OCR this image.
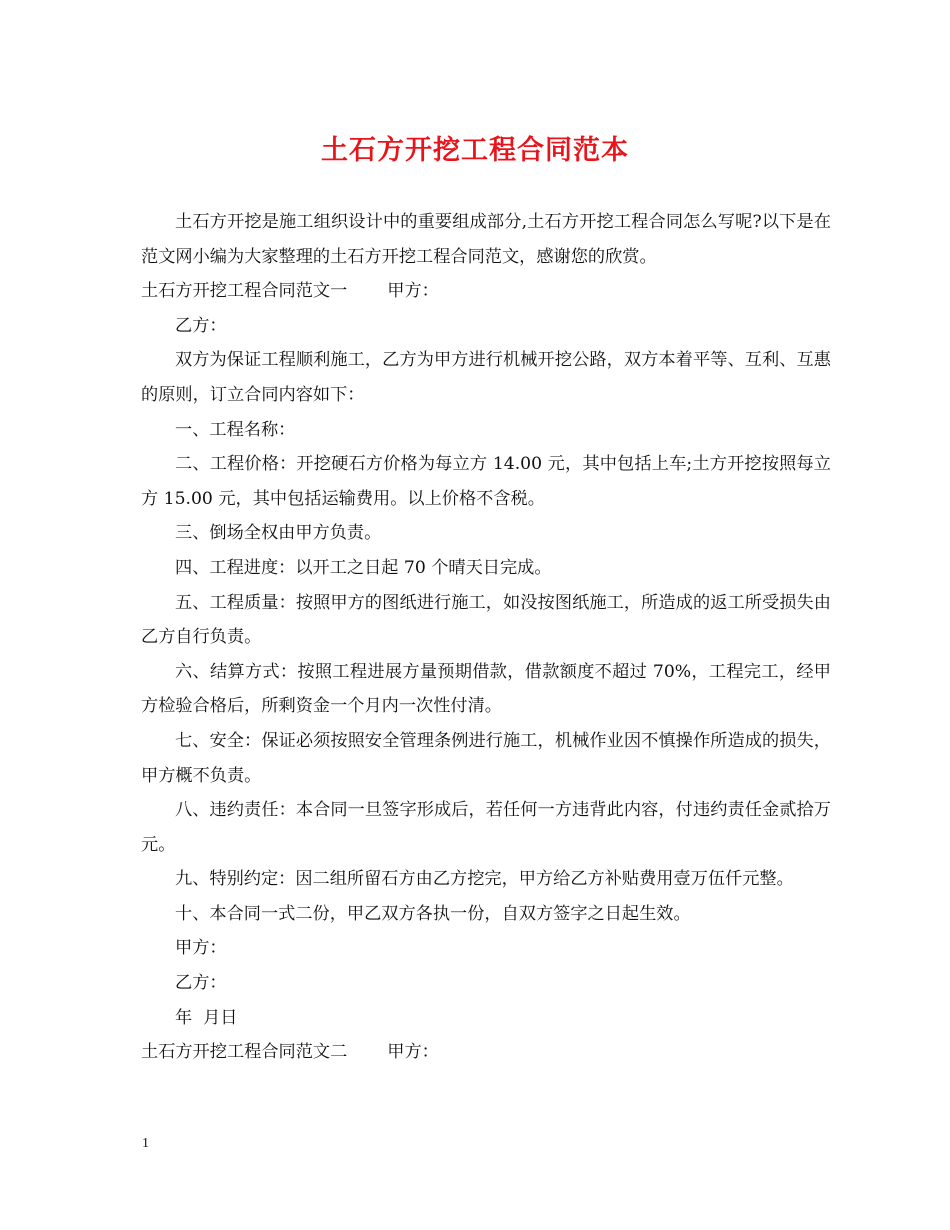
土石方开挖工程合同范本

土石方开挖是施工组织设计中的重要组成部分,土石方开挖工程合同怎么写呢?以下是在范文网小编为大家整理的土石方开挖工程合同范文，感谢您的欣赏。

土石方开挖工程合同范文一 甲方：

乙方：

双方为保证工程顺利施工，乙方为甲方进行机械开挖公路，双方本着平等、互利、互惠的原则，订立合同内容如下：

一、工程名称：

二、工程价格：开挖硬石方价格为每立方 14.00 元，其中包括上车;土方开挖按照每立方 15.00 元，其中包括运输费用。以上价格不含税。

三、倒场全权由甲方负责。

四、工程进度：以开工之日起 70 个晴天日完成。

五、工程质量：按照甲方的图纸进行施工，如没按图纸施工，所造成的返工所受损失由乙方自行负责。

六、结算方式：按照工程进展方量预期借款，借款额度不超过 70%，工程完工，经甲方检验合格后，所剩资金一个月内一次性付清。

七、安全：保证必须按照安全管理条例进行施工，机械作业因不慎操作所造成的损失，甲方概不负责。

八、违约责任：本合同一旦签字形成后，若任何一方违背此内容，付违约责任金贰拾万元。

九、特别约定：因二组所留石方由乙方挖完，甲方给乙方补贴费用壹万伍仟元整。

十、本合同一式二份，甲乙双方各执一份，自双方签字之日起生效。

甲方：

乙方：

年  月日

土石方开挖工程合同范文二 甲方：

1
